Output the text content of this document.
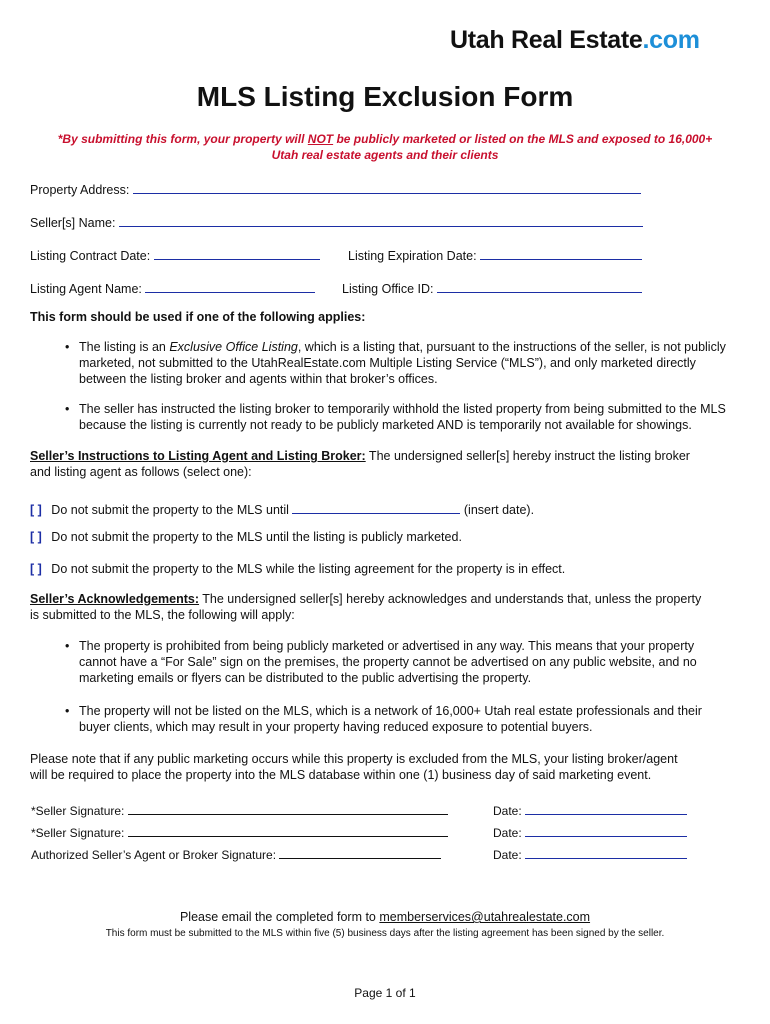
Utah Real Estate.com
MLS Listing Exclusion Form
*By submitting this form, your property will NOT be publicly marketed or listed on the MLS and exposed to 16,000+
Utah real estate agents and their clients
Property Address:
Seller[s] Name:
Listing Contract Date:	Listing Expiration Date:
Listing Agent Name:	Listing Office ID:
This form should be used if one of the following applies:
• The listing is an Exclusive Office Listing, which is a listing that, pursuant to the instructions of the seller, is not publicly
marketed, not submitted to the UtahRealEstate.com Multiple Listing Service (“MLS”), and only marketed directly
between the listing broker and agents within that broker’s offices.
• The seller has instructed the listing broker to temporarily withhold the listed property from being submitted to the MLS
because the listing is currently not ready to be publicly marketed AND is temporarily not available for showings.
Seller’s Instructions to Listing Agent and Listing Broker: The undersigned seller[s] hereby instruct the listing broker
and listing agent as follows (select one):
[ ] Do not submit the property to the MLS until	(insert date).
[ ] Do not submit the property to the MLS until the listing is publicly marketed.
[ ] Do not submit the property to the MLS while the listing agreement for the property is in effect.
Seller’s Acknowledgements: The undersigned seller[s] hereby acknowledges and understands that, unless the property
is submitted to the MLS, the following will apply:
• The property is prohibited from being publicly marketed or advertised in any way. This means that your property
cannot have a “For Sale” sign on the premises, the property cannot be advertised on any public website, and no
marketing emails or flyers can be distributed to the public advertising the property.
• The property will not be listed on the MLS, which is a network of 16,000+ Utah real estate professionals and their
buyer clients, which may result in your property having reduced exposure to potential buyers.
Please note that if any public marketing occurs while this property is excluded from the MLS, your listing broker/agent
will be required to place the property into the MLS database within one (1) business day of said marketing event.
*Seller Signature:	Date:
*Seller Signature:	Date:
Authorized Seller’s Agent or Broker Signature:	Date:
Please email the completed form to memberservices@utahrealestate.com
This form must be submitted to the MLS within five (5) business days after the listing agreement has been signed by the seller.
Page 1 of 1
